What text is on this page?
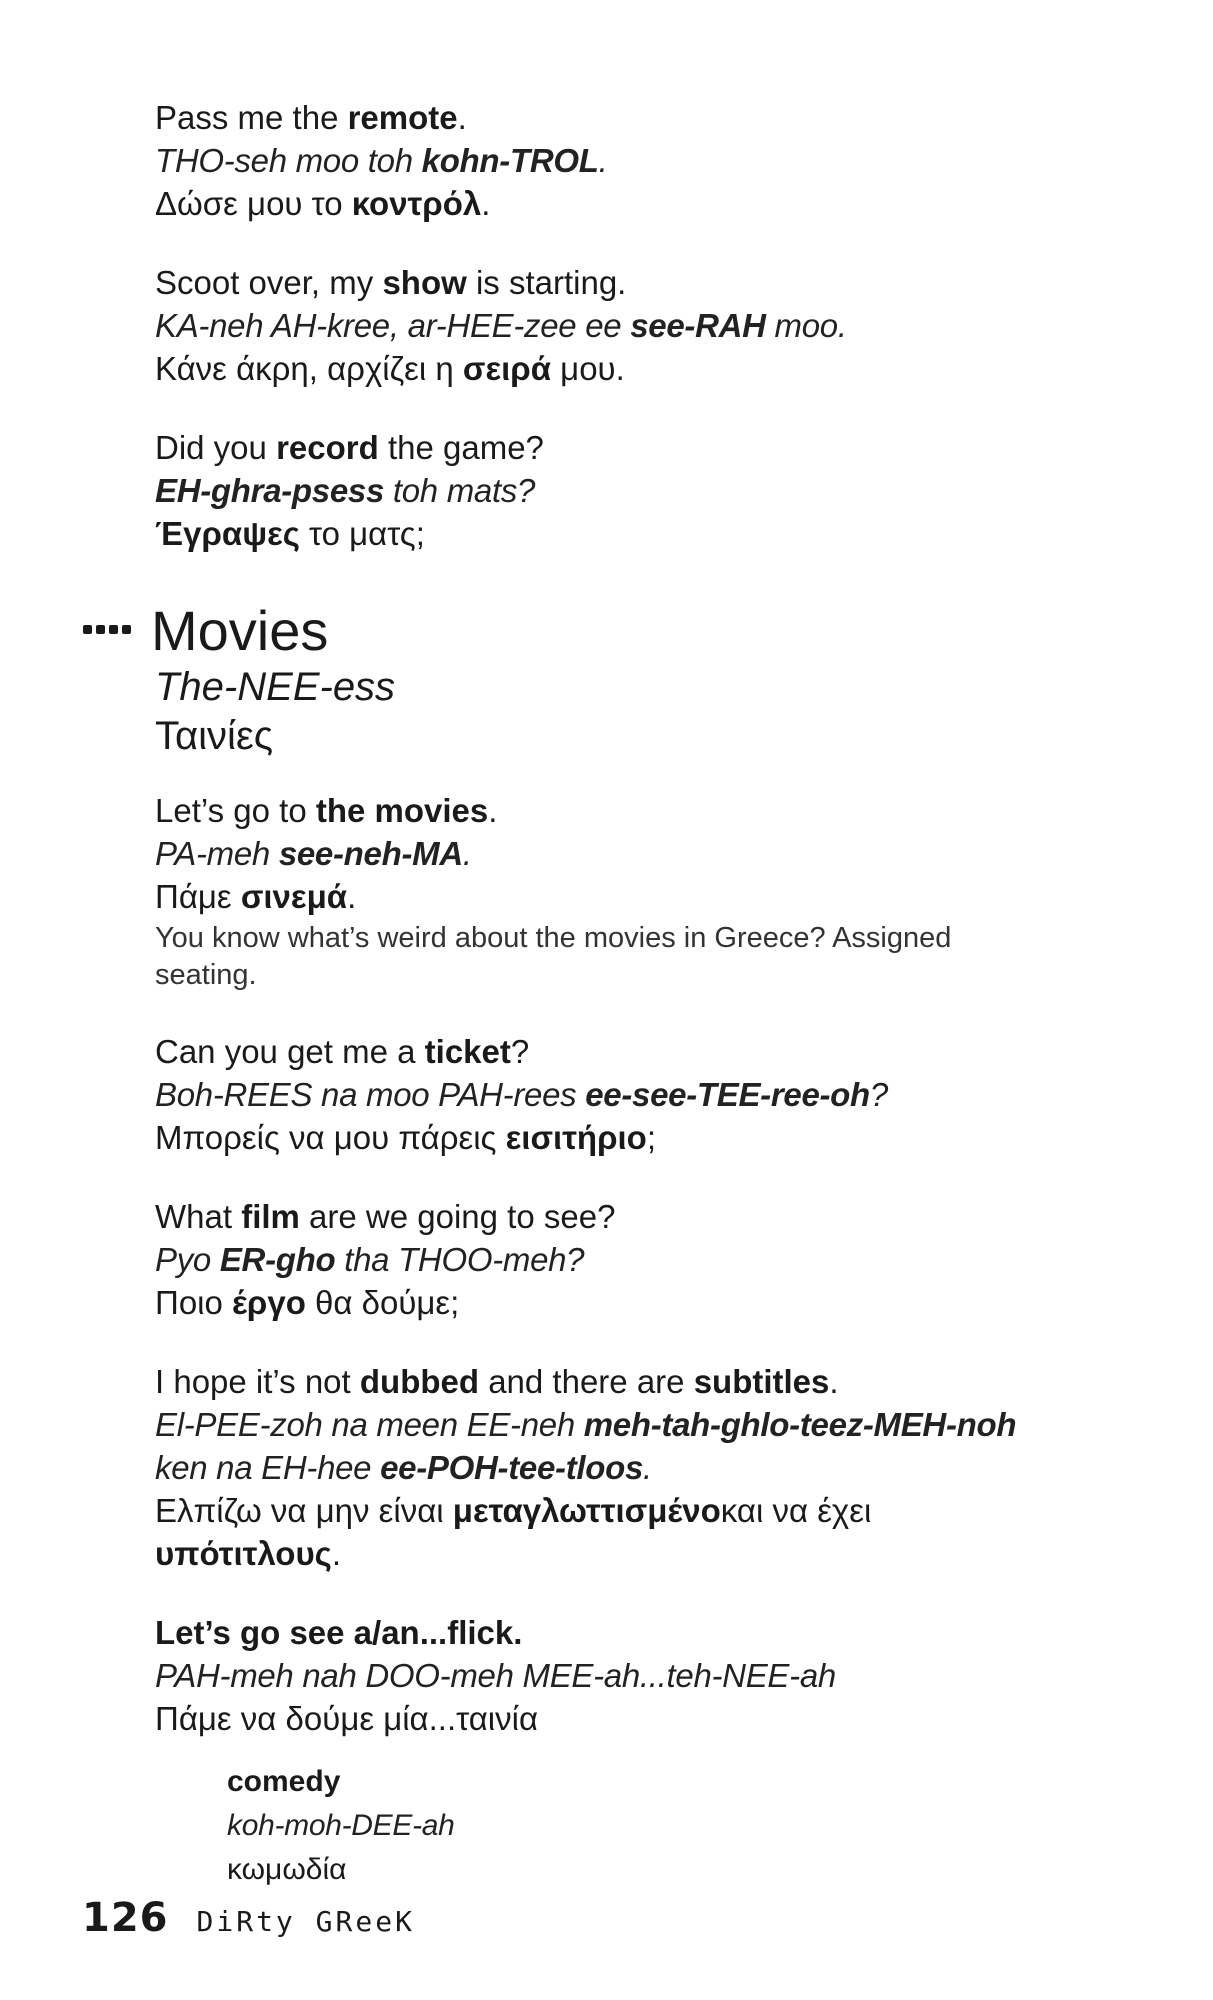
Pass me the remote.

THO-seh moo toh kohn-TROL.

Δώσε μου το κοντρόλ.

Scoot over, my show is starting.

KA-neh AH-kree, ar-HEE-zee ee see-RAH moo.

Κάνε άκρη, αρχίζει η σειρά μου.

Did you record the game?

EH-ghra-psess toh mats?

Έγραψες το ματς;

Movies

The-NEE-ess

Ταινίες

Let’s go to the movies.

PA-meh see-neh-MA.

Πάμε σινεμά.

You know what’s weird about the movies in Greece? Assigned seating.

Can you get me a ticket?

Boh-REES na moo PAH-rees ee-see-TEE-ree-oh?

Μπορείς να μου πάρεις εισιτήριο;

What film are we going to see?

Pyo ER-gho tha THOO-meh?

Ποιο έργο θα δούμε;

I hope it’s not dubbed and there are subtitles.

El-PEE-zoh na meen EE-neh meh-tah-ghlo-teez-MEH-noh ken na EH-hee ee-POH-tee-tloos.

Ελπίζω να μην είναι μεταγλωττισμένοκαι να έχει υπότιτλους.

Let’s go see a/an...flick.

PAH-meh nah DOO-meh MEE-ah...teh-NEE-ah

Πάμε να δούμε μία...ταινία

comedy

koh-moh-DEE-ah

κωμωδία

126 DiRty GReeK
